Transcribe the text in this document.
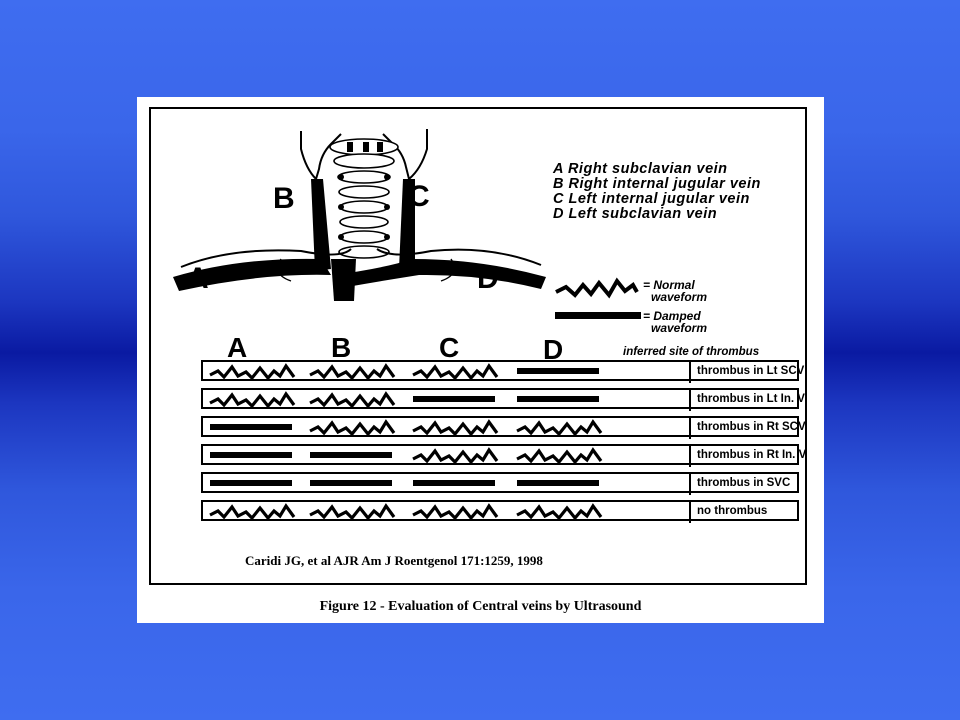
B	C
A	D
A Right subclavian vein
B Right internal jugular vein
C Left internal jugular vein
D Left subclavian vein
= Normal
waveform
= Damped
waveform
A	B	C	D	inferred site of thrombus
thrombus in Lt SCV
thrombus in Lt In. V
thrombus in Rt SCV
thrombus in Rt In. V
thrombus in SVC
no thrombus
Caridi JG, et al AJR Am J Roentgenol 171:1259, 1998
Figure 12 - Evaluation of Central veins by Ultrasound
